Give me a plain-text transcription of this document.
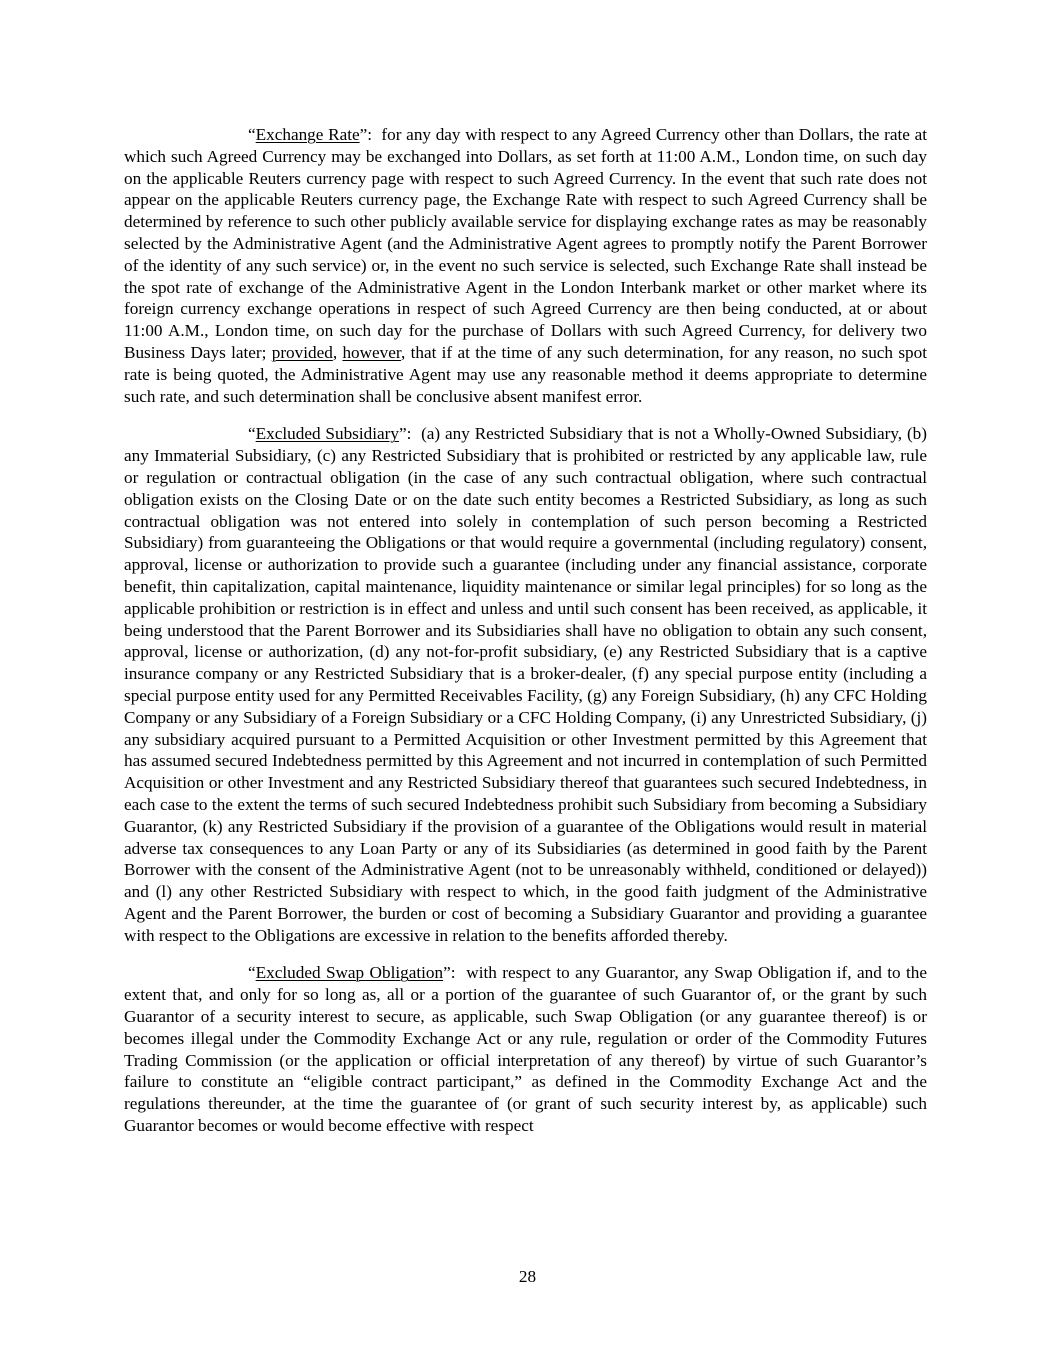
“Exchange Rate”:  for any day with respect to any Agreed Currency other than Dollars, the rate at which such Agreed Currency may be exchanged into Dollars, as set forth at 11:00 A.M., London time, on such day on the applicable Reuters currency page with respect to such Agreed Currency. In the event that such rate does not appear on the applicable Reuters currency page, the Exchange Rate with respect to such Agreed Currency shall be determined by reference to such other publicly available service for displaying exchange rates as may be reasonably selected by the Administrative Agent (and the Administrative Agent agrees to promptly notify the Parent Borrower of the identity of any such service) or, in the event no such service is selected, such Exchange Rate shall instead be the spot rate of exchange of the Administrative Agent in the London Interbank market or other market where its foreign currency exchange operations in respect of such Agreed Currency are then being conducted, at or about 11:00 A.M., London time, on such day for the purchase of Dollars with such Agreed Currency, for delivery two Business Days later; provided, however, that if at the time of any such determination, for any reason, no such spot rate is being quoted, the Administrative Agent may use any reasonable method it deems appropriate to determine such rate, and such determination shall be conclusive absent manifest error.

“Excluded Subsidiary”:  (a) any Restricted Subsidiary that is not a Wholly-Owned Subsidiary, (b) any Immaterial Subsidiary, (c) any Restricted Subsidiary that is prohibited or restricted by any applicable law, rule or regulation or contractual obligation (in the case of any such contractual obligation, where such contractual obligation exists on the Closing Date or on the date such entity becomes a Restricted Subsidiary, as long as such contractual obligation was not entered into solely in contemplation of such person becoming a Restricted Subsidiary) from guaranteeing the Obligations or that would require a governmental (including regulatory) consent, approval, license or authorization to provide such a guarantee (including under any financial assistance, corporate benefit, thin capitalization, capital maintenance, liquidity maintenance or similar legal principles) for so long as the applicable prohibition or restriction is in effect and unless and until such consent has been received, as applicable, it being understood that the Parent Borrower and its Subsidiaries shall have no obligation to obtain any such consent, approval, license or authorization, (d) any not-for-profit subsidiary, (e) any Restricted Subsidiary that is a captive insurance company or any Restricted Subsidiary that is a broker-dealer, (f) any special purpose entity (including a special purpose entity used for any Permitted Receivables Facility, (g) any Foreign Subsidiary, (h) any CFC Holding Company or any Subsidiary of a Foreign Subsidiary or a CFC Holding Company, (i) any Unrestricted Subsidiary, (j) any subsidiary acquired pursuant to a Permitted Acquisition or other Investment permitted by this Agreement that has assumed secured Indebtedness permitted by this Agreement and not incurred in contemplation of such Permitted Acquisition or other Investment and any Restricted Subsidiary thereof that guarantees such secured Indebtedness, in each case to the extent the terms of such secured Indebtedness prohibit such Subsidiary from becoming a Subsidiary Guarantor, (k) any Restricted Subsidiary if the provision of a guarantee of the Obligations would result in material adverse tax consequences to any Loan Party or any of its Subsidiaries (as determined in good faith by the Parent Borrower with the consent of the Administrative Agent (not to be unreasonably withheld, conditioned or delayed)) and (l) any other Restricted Subsidiary with respect to which, in the good faith judgment of the Administrative Agent and the Parent Borrower, the burden or cost of becoming a Subsidiary Guarantor and providing a guarantee with respect to the Obligations are excessive in relation to the benefits afforded thereby.

“Excluded Swap Obligation”:  with respect to any Guarantor, any Swap Obligation if, and to the extent that, and only for so long as, all or a portion of the guarantee of such Guarantor of, or the grant by such Guarantor of a security interest to secure, as applicable, such Swap Obligation (or any guarantee thereof) is or becomes illegal under the Commodity Exchange Act or any rule, regulation or order of the Commodity Futures Trading Commission (or the application or official interpretation of any thereof) by virtue of such Guarantor’s failure to constitute an “eligible contract participant,” as defined in the Commodity Exchange Act and the regulations thereunder, at the time the guarantee of (or grant of such security interest by, as applicable) such Guarantor becomes or would become effective with respect

28
